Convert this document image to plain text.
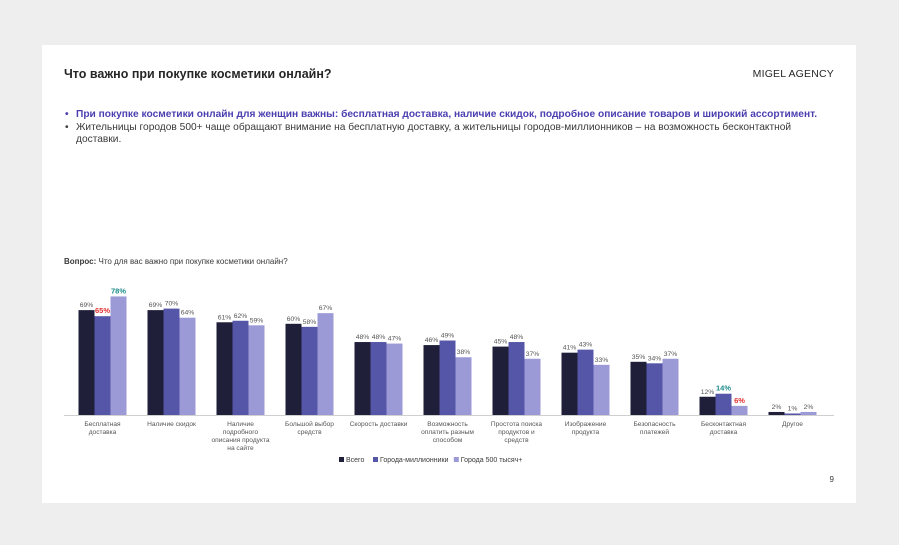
Что важно при покупке косметики онлайн?	MIGEL AGENCY
• При покупке косметики онлайн для женщин важны: бесплатная доставка, наличие скидок, подробное описание товаров и широкий ассортимент.
• Жительницы городов 500+ чаще обращают внимание на бесплатную доставку, а жительницы городов-миллионников – на возможность бесконтактной доставки.
Вопрос: Что для вас важно при покупке косметики онлайн?
69%
65%
78%
Бесплатная
доставка
69% 70%
64%
Наличие скидок
61% 62%
59%
Наличие
подробного
описания продукта
на сайте
60% 58%
67%
Большой выбор
средств
48% 48% 47%
Скорость доставки
46%
49%
38%
Возможность
оплатить разным
способом
45%
48%
37%
Простота поиска
продуктов и
средств
41% 43%
33%
Изображение
продукта
35% 34%
37%
Безопасность
платежей
12% 14%
6%
Бесконтактная
доставка
2% 1% 2%
Другое
Всего Города-миллионники Города 500 тысяч+
9
